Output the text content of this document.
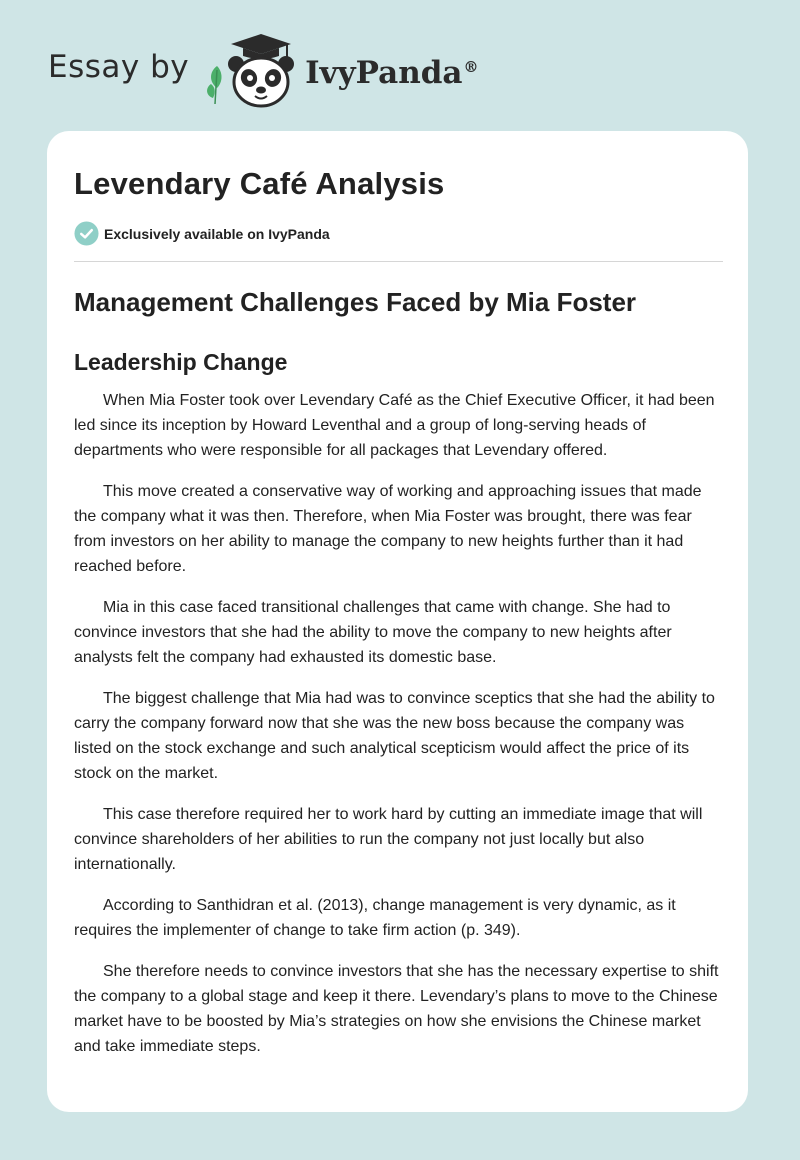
Essay by	IvyPanda®
Levendary Café Analysis
Exclusively available on IvyPanda
Management Challenges Faced by Mia Foster
Leadership Change

When Mia Foster took over Levendary Café as the Chief Executive Officer, it had been led since its inception by Howard Leventhal and a group of long-serving heads of departments who were responsible for all packages that Levendary offered.

This move created a conservative way of working and approaching issues that made the company what it was then. Therefore, when Mia Foster was brought, there was fear from investors on her ability to manage the company to new heights further than it had reached before.

Mia in this case faced transitional challenges that came with change. She had to convince investors that she had the ability to move the company to new heights after analysts felt the company had exhausted its domestic base.

The biggest challenge that Mia had was to convince sceptics that she had the ability to carry the company forward now that she was the new boss because the company was listed on the stock exchange and such analytical scepticism would affect the price of its stock on the market.

This case therefore required her to work hard by cutting an immediate image that will convince shareholders of her abilities to run the company not just locally but also internationally.

According to Santhidran et al. (2013), change management is very dynamic, as it requires the implementer of change to take firm action (p. 349).

She therefore needs to convince investors that she has the necessary expertise to shift the company to a global stage and keep it there. Levendary’s plans to move to the Chinese market have to be boosted by Mia’s strategies on how she envisions the Chinese market and take immediate steps.
